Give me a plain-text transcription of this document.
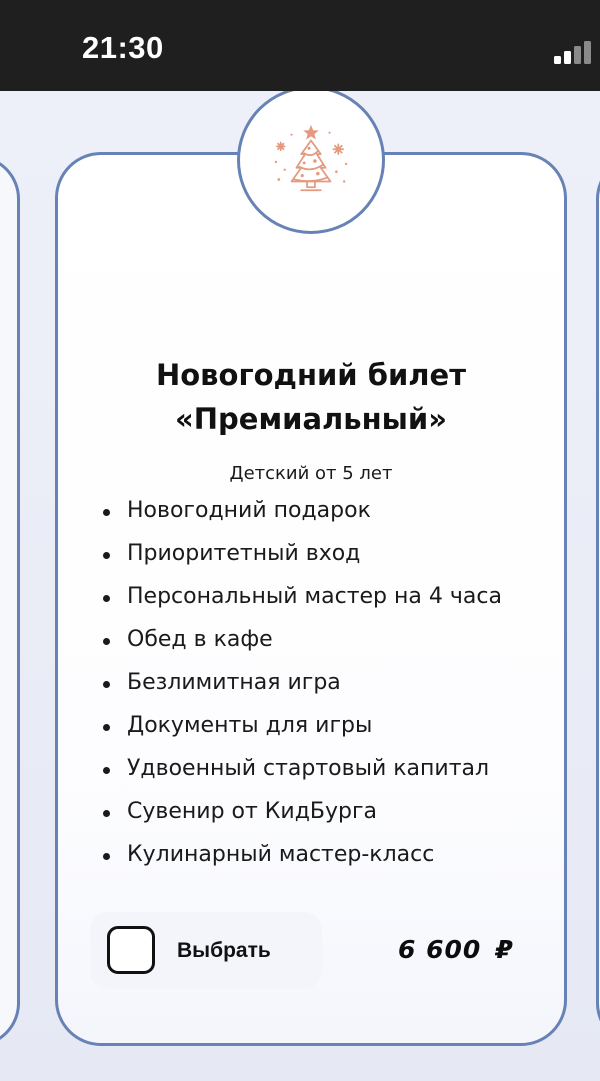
21:30
Новогодний билет
«Премиальный»

Детский от 5 лет

Новогодний подарок
Приоритетный вход
Персональный мастер на 4 часа
Обед в кафе
Безлимитная игра
Документы для игры
Удвоенный стартовый капитал
Сувенир от КидБурга
Кулинарный мастер-класс
Выбрать	6 600 ₽
